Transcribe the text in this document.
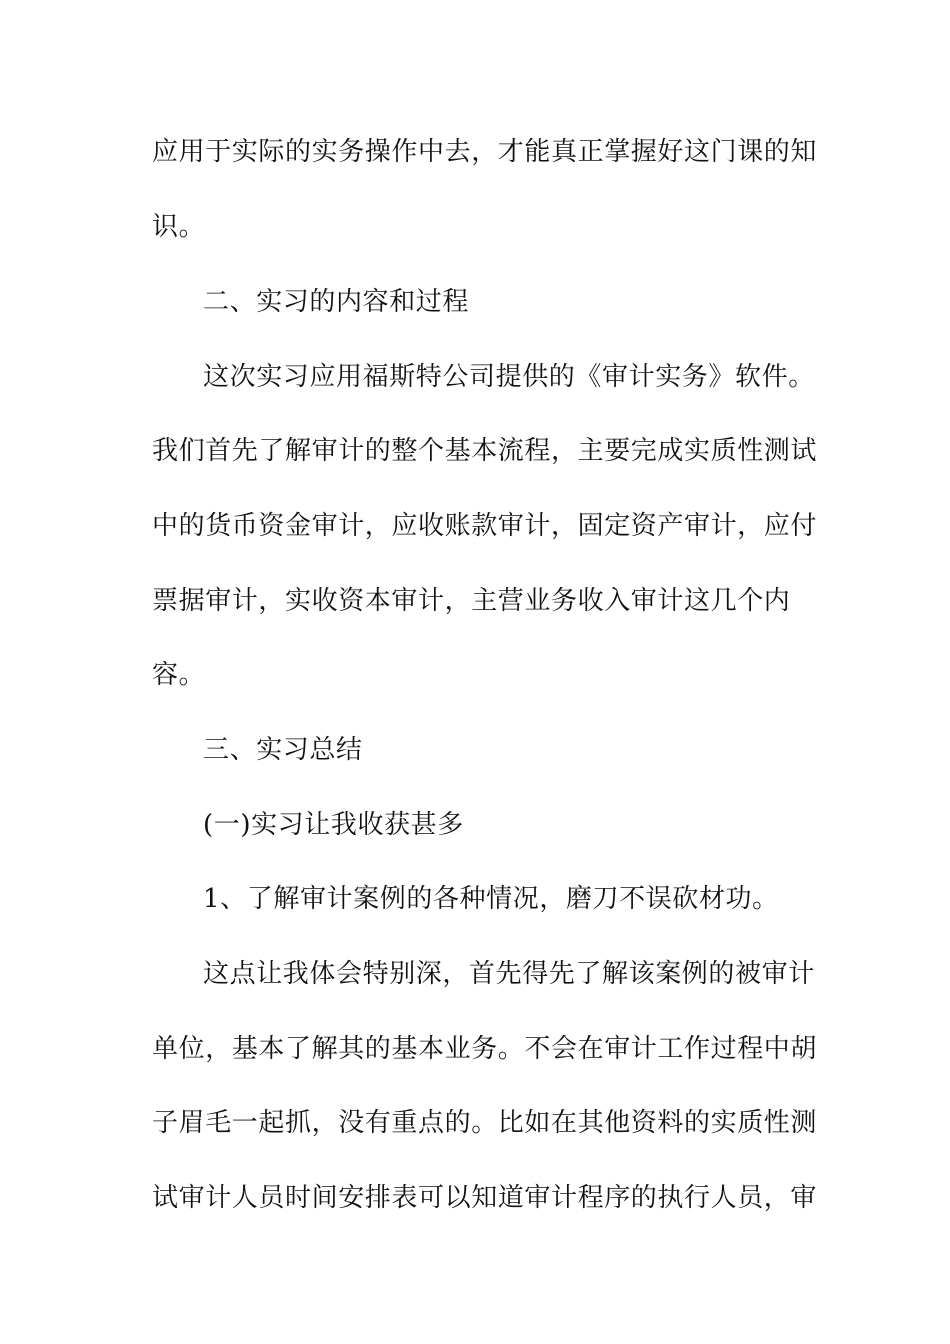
应用于实际的实务操作中去，才能真正掌握好这门课的知
识。
二、实习的内容和过程
这次实习应用福斯特公司提供的《审计实务》软件。
我们首先了解审计的整个基本流程，主要完成实质性测试
中的货币资金审计，应收账款审计，固定资产审计，应付
票据审计，实收资本审计，主营业务收入审计这几个内
容。
三、实习总结
(一)实习让我收获甚多
1、了解审计案例的各种情况，磨刀不误砍材功。
这点让我体会特别深，首先得先了解该案例的被审计
单位，基本了解其的基本业务。不会在审计工作过程中胡
子眉毛一起抓，没有重点的。比如在其他资料的实质性测
试审计人员时间安排表可以知道审计程序的执行人员，审
